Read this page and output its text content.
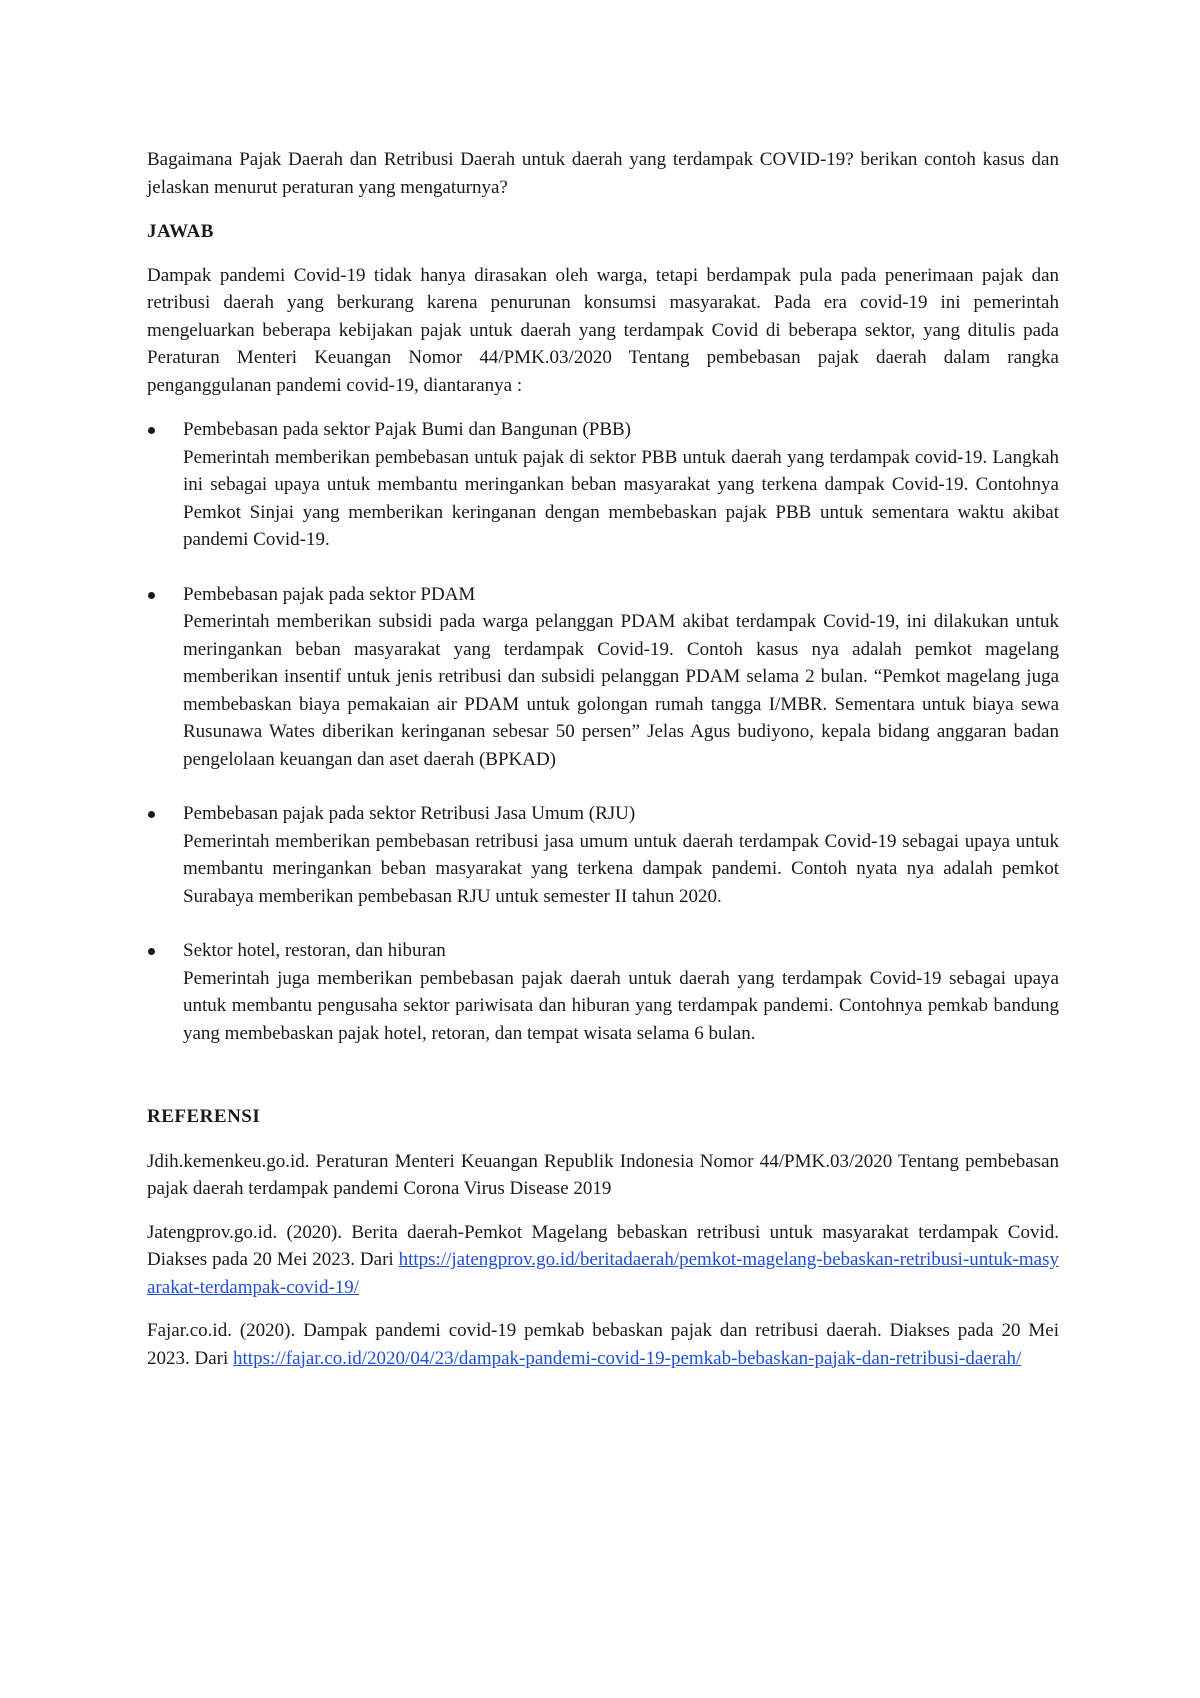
Bagaimana Pajak Daerah dan Retribusi Daerah untuk daerah yang terdampak COVID-19? berikan contoh kasus dan jelaskan menurut peraturan yang mengaturnya?

JAWAB

Dampak pandemi Covid-19 tidak hanya dirasakan oleh warga, tetapi berdampak pula pada penerimaan pajak dan retribusi daerah yang berkurang karena penurunan konsumsi masyarakat. Pada era covid-19 ini pemerintah mengeluarkan beberapa kebijakan pajak untuk daerah yang terdampak Covid di beberapa sektor, yang ditulis pada Peraturan Menteri Keuangan Nomor 44/PMK.03/2020 Tentang pembebasan pajak daerah dalam rangka penganggulanan pandemi covid-19, diantaranya :

Pembebasan pada sektor Pajak Bumi dan Bangunan (PBB)

Pemerintah memberikan pembebasan untuk pajak di sektor PBB untuk daerah yang terdampak covid-19. Langkah ini sebagai upaya untuk membantu meringankan beban masyarakat yang terkena dampak Covid-19. Contohnya Pemkot Sinjai yang memberikan keringanan dengan membebaskan pajak PBB untuk sementara waktu akibat pandemi Covid-19.

Pembebasan pajak pada sektor PDAM

Pemerintah memberikan subsidi pada warga pelanggan PDAM akibat terdampak Covid-19, ini dilakukan untuk meringankan beban masyarakat yang terdampak Covid-19. Contoh kasus nya adalah pemkot magelang memberikan insentif untuk jenis retribusi dan subsidi pelanggan PDAM selama 2 bulan. “Pemkot magelang juga membebaskan biaya pemakaian air PDAM untuk golongan rumah tangga I/MBR. Sementara untuk biaya sewa Rusunawa Wates diberikan keringanan sebesar 50 persen” Jelas Agus budiyono, kepala bidang anggaran badan pengelolaan keuangan dan aset daerah (BPKAD)

Pembebasan pajak pada sektor Retribusi Jasa Umum (RJU)

Pemerintah memberikan pembebasan retribusi jasa umum untuk daerah terdampak Covid-19 sebagai upaya untuk membantu meringankan beban masyarakat yang terkena dampak pandemi. Contoh nyata nya adalah pemkot Surabaya memberikan pembebasan RJU untuk semester II tahun 2020.

Sektor hotel, restoran, dan hiburan

Pemerintah juga memberikan pembebasan pajak daerah untuk daerah yang terdampak Covid-19 sebagai upaya untuk membantu pengusaha sektor pariwisata dan hiburan yang terdampak pandemi. Contohnya pemkab bandung yang membebaskan pajak hotel, retoran, dan tempat wisata selama 6 bulan.

REFERENSI

Jdih.kemenkeu.go.id. Peraturan Menteri Keuangan Republik Indonesia Nomor 44/PMK.03/2020 Tentang pembebasan pajak daerah terdampak pandemi Corona Virus Disease 2019

Jatengprov.go.id. (2020). Berita daerah-Pemkot Magelang bebaskan retribusi untuk masyarakat terdampak Covid. Diakses pada 20 Mei 2023. Dari https://jatengprov.go.id/beritadaerah/pemkot-magelang-bebaskan-retribusi-untuk-masyarakat-terdampak-covid-19/

Fajar.co.id. (2020). Dampak pandemi covid-19 pemkab bebaskan pajak dan retribusi daerah. Diakses pada 20 Mei 2023. Dari https://fajar.co.id/2020/04/23/dampak-pandemi-covid-19-pemkab-bebaskan-pajak-dan-retribusi-daerah/
